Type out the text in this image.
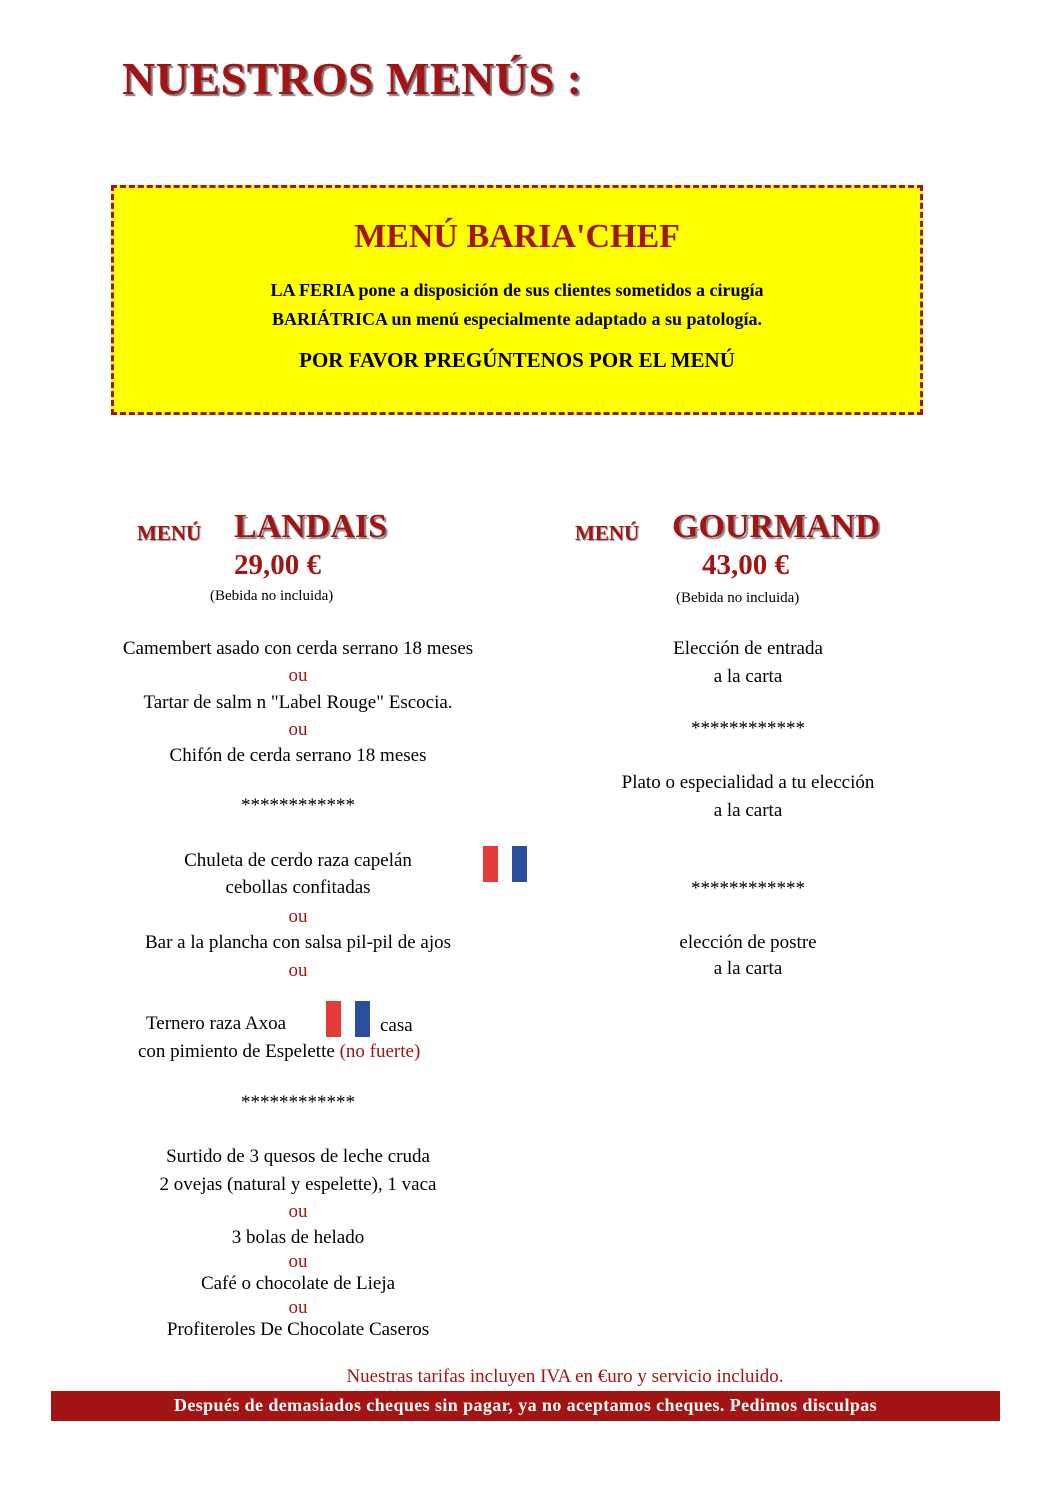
NUESTROS MENÚS :
MENÚ BARIA'CHEF
LA FERIA pone a disposición de sus clientes sometidos a cirugía
BARIÁTRICA un menú especialmente adaptado a su patología.
POR FAVOR PREGÚNTENOS POR EL MENÚ
MENÚ LANDAIS
29,00 €
(Bebida no incluida)
Camembert asado con cerda serrano 18 meses
ou
Tartar de salm n "Label Rouge" Escocia.
ou
Chifón de cerda serrano 18 meses
************
Chuleta de cerdo raza capelán
cebollas confitadas
ou
Bar a la plancha con salsa pil-pil de ajos
ou
Ternero raza Axoa	casa
con pimiento de Espelette (no fuerte)
************
Surtido de 3 quesos de leche cruda
2 ovejas (natural y espelette), 1 vaca
ou
3 bolas de helado
ou
Café o chocolate de Lieja
ou
Profiteroles De Chocolate Caseros
MENÚ GOURMAND
43,00 €
(Bebida no incluida)
Elección de entrada
a la carta
************
Plato o especialidad a tu elección
a la carta
************
elección de postre
a la carta
Nuestras tarifas incluyen IVA en €uro y servicio incluido.
Después de demasiados cheques sin pagar, ya no aceptamos cheques. Pedimos disculpas
